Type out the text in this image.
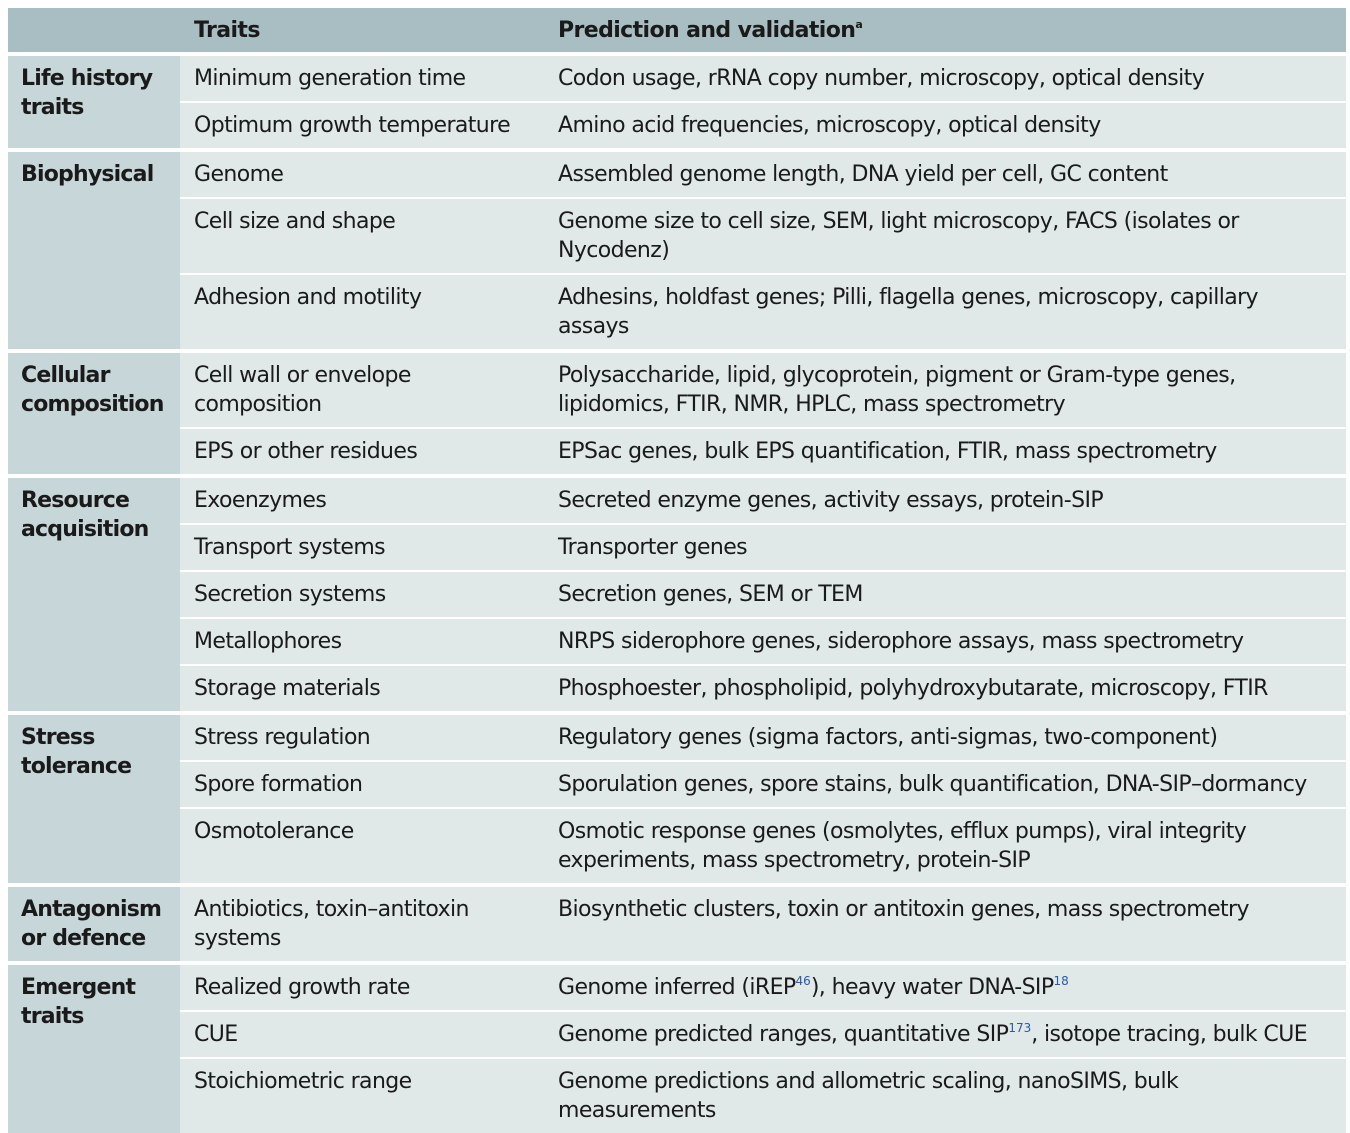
	Traits	Prediction and validation$^a$
Life history
traits	Minimum generation time	Codon usage, rRNA copy number, microscopy, optical density
	Optimum growth temperature	Amino acid frequencies, microscopy, optical density
Biophysical	Genome	Assembled genome length, DNA yield per cell, GC content
	Cell size and shape	Genome size to cell size, SEM, light microscopy, FACS (isolates or Nycodenz)
	Adhesion and motility	Adhesins, holdfast genes; Pilli, flagella genes, microscopy, capillary assays
Cellular
composition	Cell wall or envelope composition	Polysaccharide, lipid, glycoprotein, pigment or Gram-type genes, lipidomics, FTIR, NMR, HPLC, mass spectrometry
	EPS or other residues	EPSac genes, bulk EPS quantification, FTIR, mass spectrometry
Resource
acquisition	Exoenzymes	Secreted enzyme genes, activity essays, protein-SIP
	Transport systems	Transporter genes
	Secretion systems	Secretion genes, SEM or TEM
	Metallophores	NRPS siderophore genes, siderophore assays, mass spectrometry
	Storage materials	Phosphoester, phospholipid, polyhydroxybutarate, microscopy, FTIR
Stress
tolerance	Stress regulation	Regulatory genes (sigma factors, anti-sigmas, two-component)
	Spore formation	Sporulation genes, spore stains, bulk quantification, DNA-SIP–dormancy
	Osmotolerance	Osmotic response genes (osmolytes, efflux pumps), viral integrity experiments, mass spectrometry, protein-SIP
Antagonism
or defence	Antibiotics, toxin–antitoxin systems	Biosynthetic clusters, toxin or antitoxin genes, mass spectrometry
Emergent
traits	Realized growth rate	Genome inferred (iREP$^{46}$), heavy water DNA-SIP$^{18}$
	CUE	Genome predicted ranges, quantitative SIP$^{173}$, isotope tracing, bulk CUE
	Stoichiometric range	Genome predictions and allometric scaling, nanoSIMS, bulk measurements
